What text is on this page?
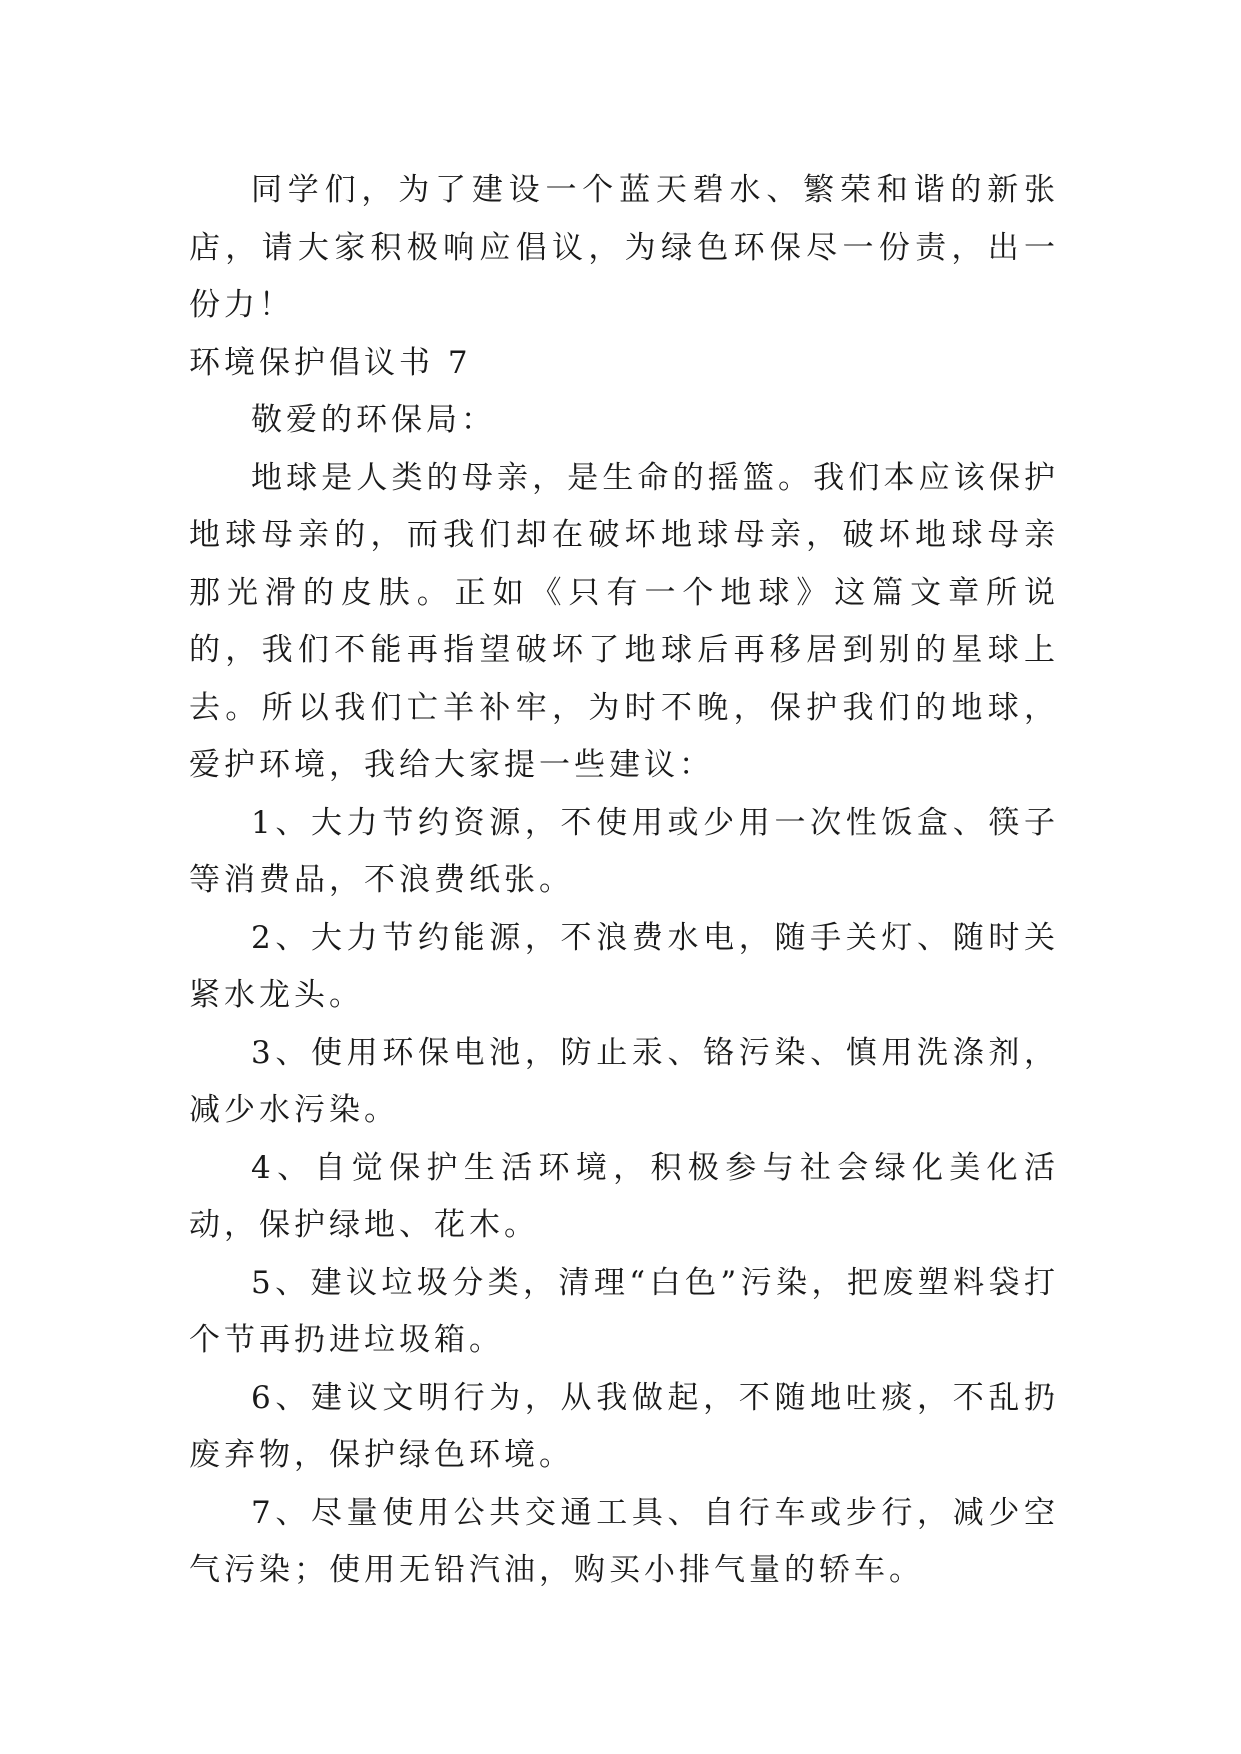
同学们，为了建设一个蓝天碧水、繁荣和谐的新张店，请大家积极响应倡议，为绿色环保尽一份责，出一份力！

环境保护倡议书 7

敬爱的环保局：

地球是人类的母亲，是生命的摇篮。我们本应该保护地球母亲的，而我们却在破坏地球母亲，破坏地球母亲那光滑的皮肤。正如《只有一个地球》这篇文章所说的，我们不能再指望破坏了地球后再移居到别的星球上去。所以我们亡羊补牢，为时不晚，保护我们的地球，爱护环境，我给大家提一些建议：

1、大力节约资源，不使用或少用一次性饭盒、筷子等消费品，不浪费纸张。

2、大力节约能源，不浪费水电，随手关灯、随时关紧水龙头。

3、使用环保电池，防止汞、铬污染、慎用洗涤剂，减少水污染。

4、自觉保护生活环境，积极参与社会绿化美化活动，保护绿地、花木。

5、建议垃圾分类，清理“白色”污染，把废塑料袋打个节再扔进垃圾箱。

6、建议文明行为，从我做起，不随地吐痰，不乱扔废弃物，保护绿色环境。

7、尽量使用公共交通工具、自行车或步行，减少空气污染；使用无铅汽油，购买小排气量的轿车。
